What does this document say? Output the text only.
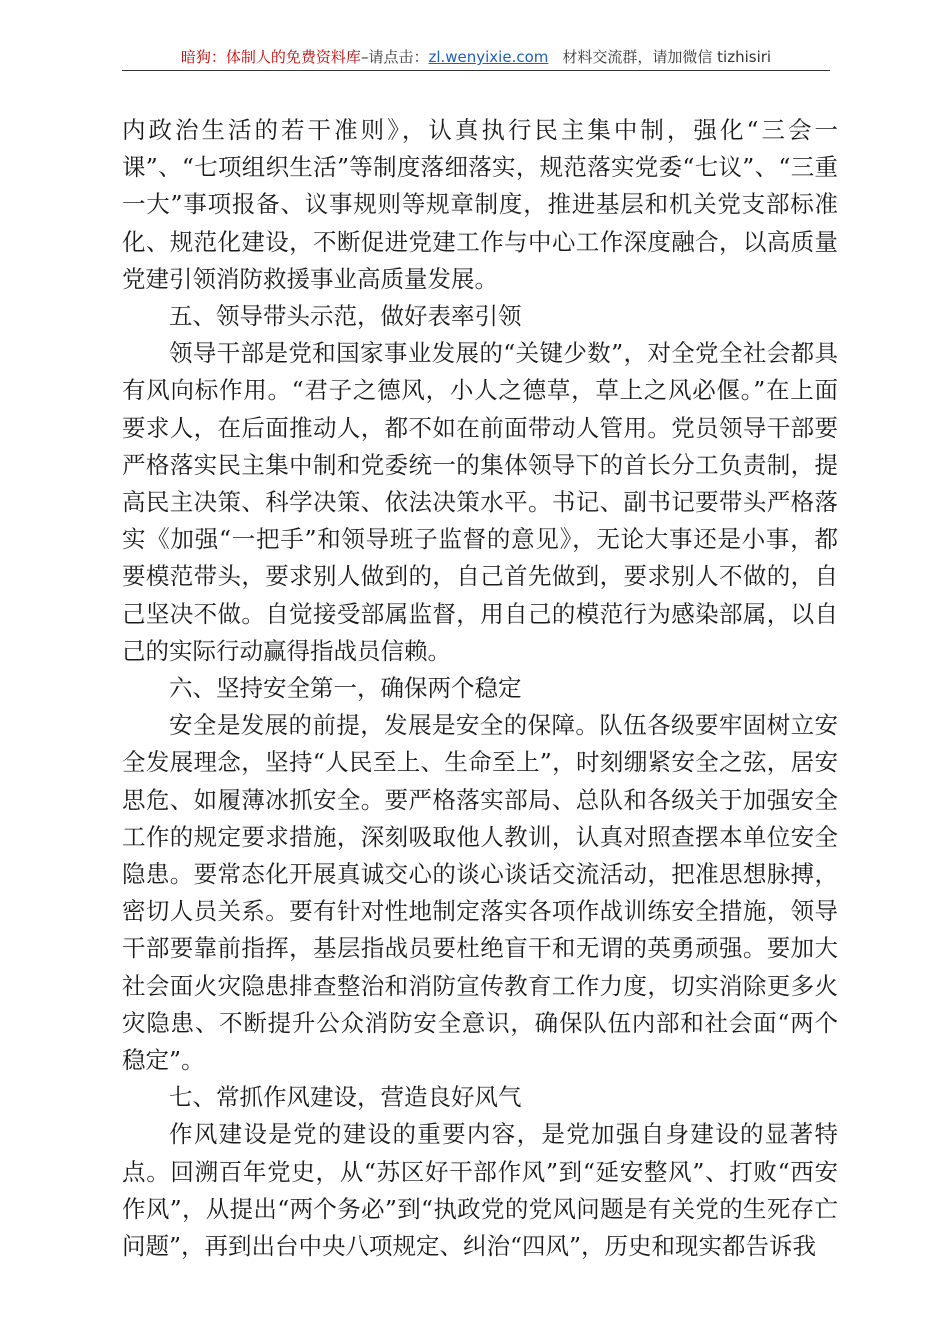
暗狗：体制人的免费资料库–请点击：zl.wenyixie.com 材料交流群，请加微信 tizhisiri

内政治生活的若干准则》，认真执行民主集中制，强化“三会一课”、“七项组织生活”等制度落细落实，规范落实党委“七议”、“三重一大”事项报备、议事规则等规章制度，推进基层和机关党支部标准化、规范化建设，不断促进党建工作与中心工作深度融合，以高质量党建引领消防救援事业高质量发展。

五、领导带头示范，做好表率引领

领导干部是党和国家事业发展的“关键少数”，对全党全社会都具有风向标作用。“君子之德风，小人之德草，草上之风必偃。”在上面要求人，在后面推动人，都不如在前面带动人管用。党员领导干部要严格落实民主集中制和党委统一的集体领导下的首长分工负责制，提高民主决策、科学决策、依法决策水平。书记、副书记要带头严格落实《加强“一把手”和领导班子监督的意见》，无论大事还是小事，都要模范带头，要求别人做到的，自己首先做到，要求别人不做的，自己坚决不做。自觉接受部属监督，用自己的模范行为感染部属，以自己的实际行动赢得指战员信赖。

六、坚持安全第一，确保两个稳定

安全是发展的前提，发展是安全的保障。队伍各级要牢固树立安全发展理念，坚持“人民至上、生命至上”，时刻绷紧安全之弦，居安思危、如履薄冰抓安全。要严格落实部局、总队和各级关于加强安全工作的规定要求措施，深刻吸取他人教训，认真对照查摆本单位安全隐患。要常态化开展真诚交心的谈心谈话交流活动，把准思想脉搏，密切人员关系。要有针对性地制定落实各项作战训练安全措施，领导干部要靠前指挥，基层指战员要杜绝盲干和无谓的英勇顽强。要加大社会面火灾隐患排查整治和消防宣传教育工作力度，切实消除更多火灾隐患、不断提升公众消防安全意识，确保队伍内部和社会面“两个稳定”。

七、常抓作风建设，营造良好风气

作风建设是党的建设的重要内容，是党加强自身建设的显著特点。回溯百年党史，从“苏区好干部作风”到“延安整风”、打败“西安作风”，从提出“两个务必”到“执政党的党风问题是有关党的生死存亡问题”，再到出台中央八项规定、纠治“四风”，历史和现实都告诉我
